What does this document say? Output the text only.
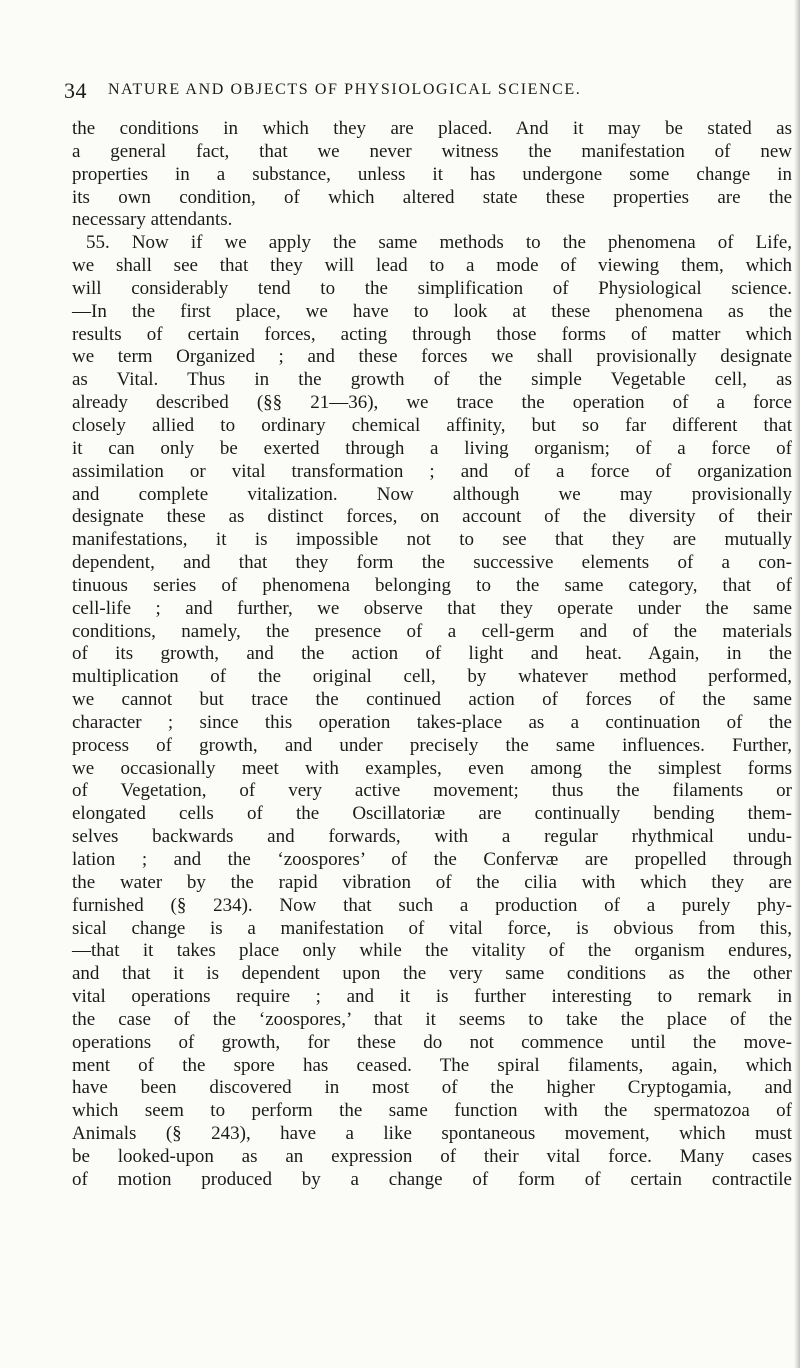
34 NATURE AND OBJECTS OF PHYSIOLOGICAL SCIENCE.
the conditions in which they are placed. And it may be stated as
a general fact, that we never witness the manifestation of new
properties in a substance, unless it has undergone some change in
its own condition, of which altered state these properties are the
necessary attendants.
55. Now if we apply the same methods to the phenomena of Life,
we shall see that they will lead to a mode of viewing them, which
will considerably tend to the simplification of Physiological science.
—In the first place, we have to look at these phenomena as the
results of certain forces, acting through those forms of matter which
we term Organized ; and these forces we shall provisionally designate
as Vital. Thus in the growth of the simple Vegetable cell, as
already described (§§ 21—36), we trace the operation of a force
closely allied to ordinary chemical affinity, but so far different that
it can only be exerted through a living organism; of a force of
assimilation or vital transformation ; and of a force of organization
and complete vitalization. Now although we may provisionally
designate these as distinct forces, on account of the diversity of their
manifestations, it is impossible not to see that they are mutually
dependent, and that they form the successive elements of a con-
tinuous series of phenomena belonging to the same category, that of
cell-life ; and further, we observe that they operate under the same
conditions, namely, the presence of a cell-germ and of the materials
of its growth, and the action of light and heat. Again, in the
multiplication of the original cell, by whatever method performed,
we cannot but trace the continued action of forces of the same
character ; since this operation takes-place as a continuation of the
process of growth, and under precisely the same influences. Further,
we occasionally meet with examples, even among the simplest forms
of Vegetation, of very active movement; thus the filaments or
elongated cells of the Oscillatoriæ are continually bending them-
selves backwards and forwards, with a regular rhythmical undu-
lation ; and the ‘zoospores’ of the Confervæ are propelled through
the water by the rapid vibration of the cilia with which they are
furnished (§ 234). Now that such a production of a purely phy-
sical change is a manifestation of vital force, is obvious from this,
—that it takes place only while the vitality of the organism endures,
and that it is dependent upon the very same conditions as the other
vital operations require ; and it is further interesting to remark in
the case of the ‘zoospores,’ that it seems to take the place of the
operations of growth, for these do not commence until the move-
ment of the spore has ceased. The spiral filaments, again, which
have been discovered in most of the higher Cryptogamia, and
which seem to perform the same function with the spermatozoa of
Animals (§ 243), have a like spontaneous movement, which must
be looked-upon as an expression of their vital force. Many cases
of motion produced by a change of form of certain contractile
